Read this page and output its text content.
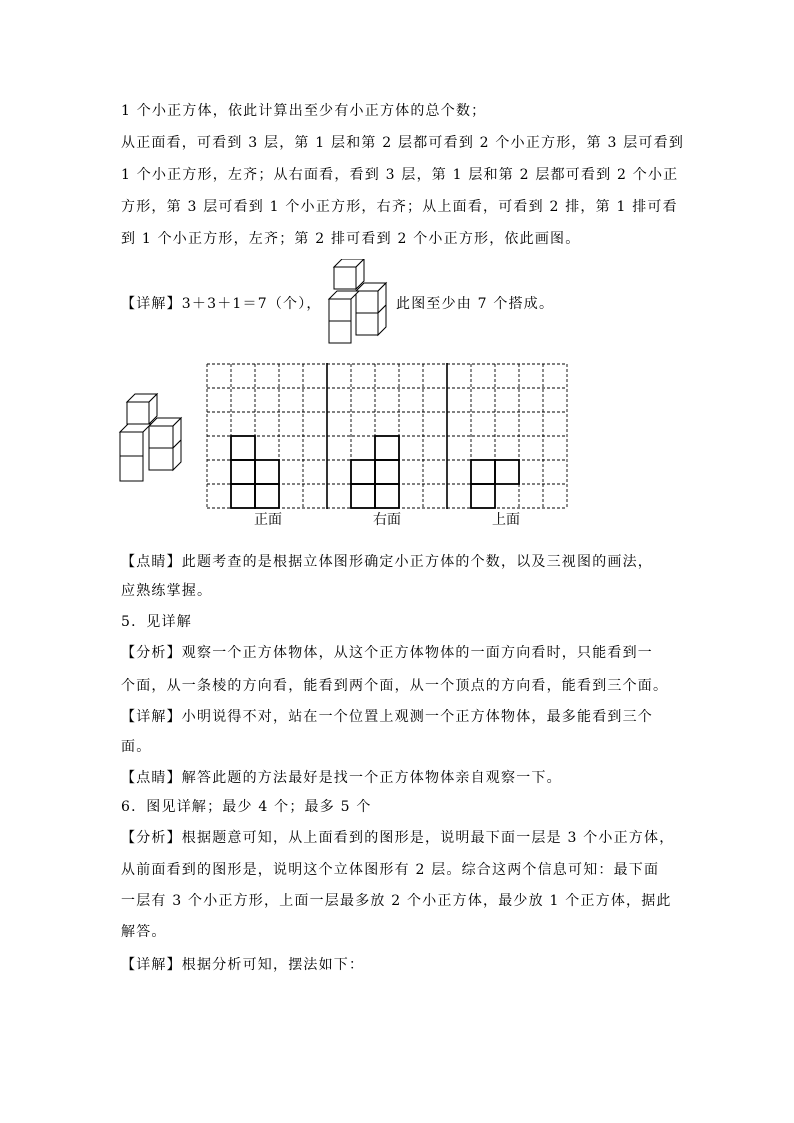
1 个小正方体，依此计算出至少有小正方体的总个数；
从正面看，可看到 3 层，第 1 层和第 2 层都可看到 2 个小正方形，第 3 层可看到
1 个小正方形，左齐；从右面看，看到 3 层，第 1 层和第 2 层都可看到 2 个小正
方形，第 3 层可看到 1 个小正方形，右齐；从上面看，可看到 2 排，第 1 排可看
到 1 个小正方形，左齐；第 2 排可看到 2 个小正方形，依此画图。
【详解】3＋3＋1＝7（个），	此图至少由 7 个搭成。
正面	右面	上面
【点睛】此题考查的是根据立体图形确定小正方体的个数，以及三视图的画法，
应熟练掌握。
5．见详解
【分析】观察一个正方体物体，从这个正方体物体的一面方向看时，只能看到一
个面，从一条棱的方向看，能看到两个面，从一个顶点的方向看，能看到三个面。
【详解】小明说得不对，站在一个位置上观测一个正方体物体，最多能看到三个
面。
【点睛】解答此题的方法最好是找一个正方体物体亲自观察一下。
6．图见详解；最少 4 个；最多 5 个
【分析】根据题意可知，从上面看到的图形是，说明最下面一层是 3 个小正方体，
从前面看到的图形是，说明这个立体图形有 2 层。综合这两个信息可知：最下面
一层有 3 个小正方形，上面一层最多放 2 个小正方体，最少放 1 个正方体，据此
解答。
【详解】根据分析可知，摆法如下：
